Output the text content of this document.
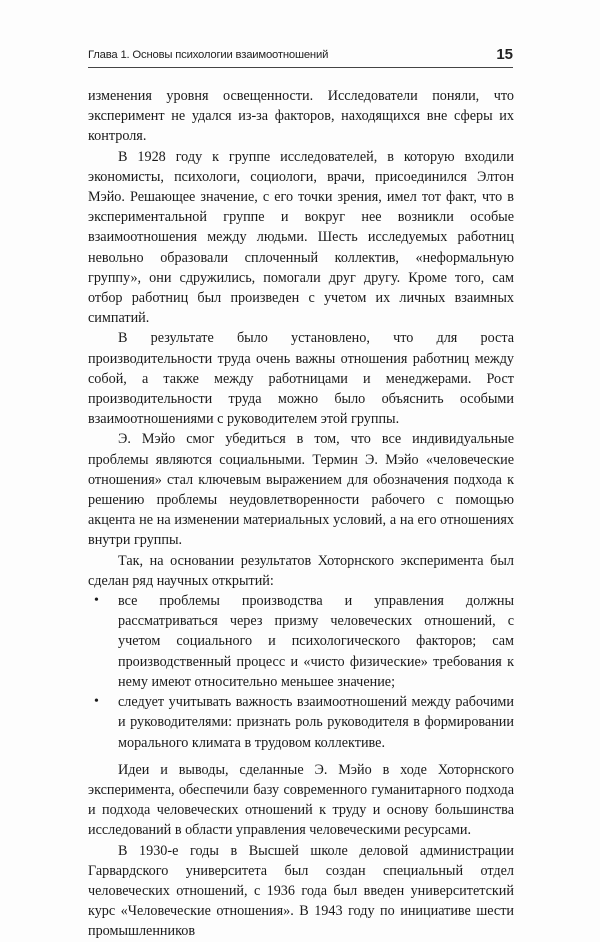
Глава 1. Основы психологии взаимоотношений	15

изменения уровня освещенности. Исследователи поняли, что эксперимент не удался из-за факторов, находящихся вне сферы их контроля.

В 1928 году к группе исследователей, в которую входили экономисты, психологи, социологи, врачи, присоединился Элтон Мэйо. Решающее значение, с его точки зрения, имел тот факт, что в экспериментальной группе и вокруг нее возникли особые взаимоотношения между людьми. Шесть исследуемых работниц невольно образовали сплоченный коллектив, «неформальную группу», они сдружились, помогали друг другу. Кроме того, сам отбор работниц был произведен с учетом их личных взаимных симпатий.

В результате было установлено, что для роста производительности труда очень важны отношения работниц между собой, а также между работницами и менеджерами. Рост производительности труда можно было объяснить особыми взаимоотношениями с руководителем этой группы.

Э. Мэйо смог убедиться в том, что все индивидуальные проблемы являются социальными. Термин Э. Мэйо «человеческие отношения» стал ключевым выражением для обозначения подхода к решению проблемы неудовлетворенности рабочего с помощью акцента не на изменении материальных условий, а на его отношениях внутри группы.

Так, на основании результатов Хоторнского эксперимента был сделан ряд научных открытий:

• все проблемы производства и управления должны рассматриваться через призму человеческих отношений, с учетом социального и психологического факторов; сам производственный процесс и «чисто физические» требования к нему имеют относительно меньшее значение;
• следует учитывать важность взаимоотношений между рабочими и руководителями: признать роль руководителя в формировании морального климата в трудовом коллективе.

Идеи и выводы, сделанные Э. Мэйо в ходе Хоторнского эксперимента, обеспечили базу современного гуманитарного подхода и подхода человеческих отношений к труду и основу большинства исследований в области управления человеческими ресурсами.

В 1930-е годы в Высшей школе деловой администрации Гарвардского университета был создан специальный отдел человеческих отношений, с 1936 года был введен университетский курс «Человеческие отношения». В 1943 году по инициативе шести промышленников
